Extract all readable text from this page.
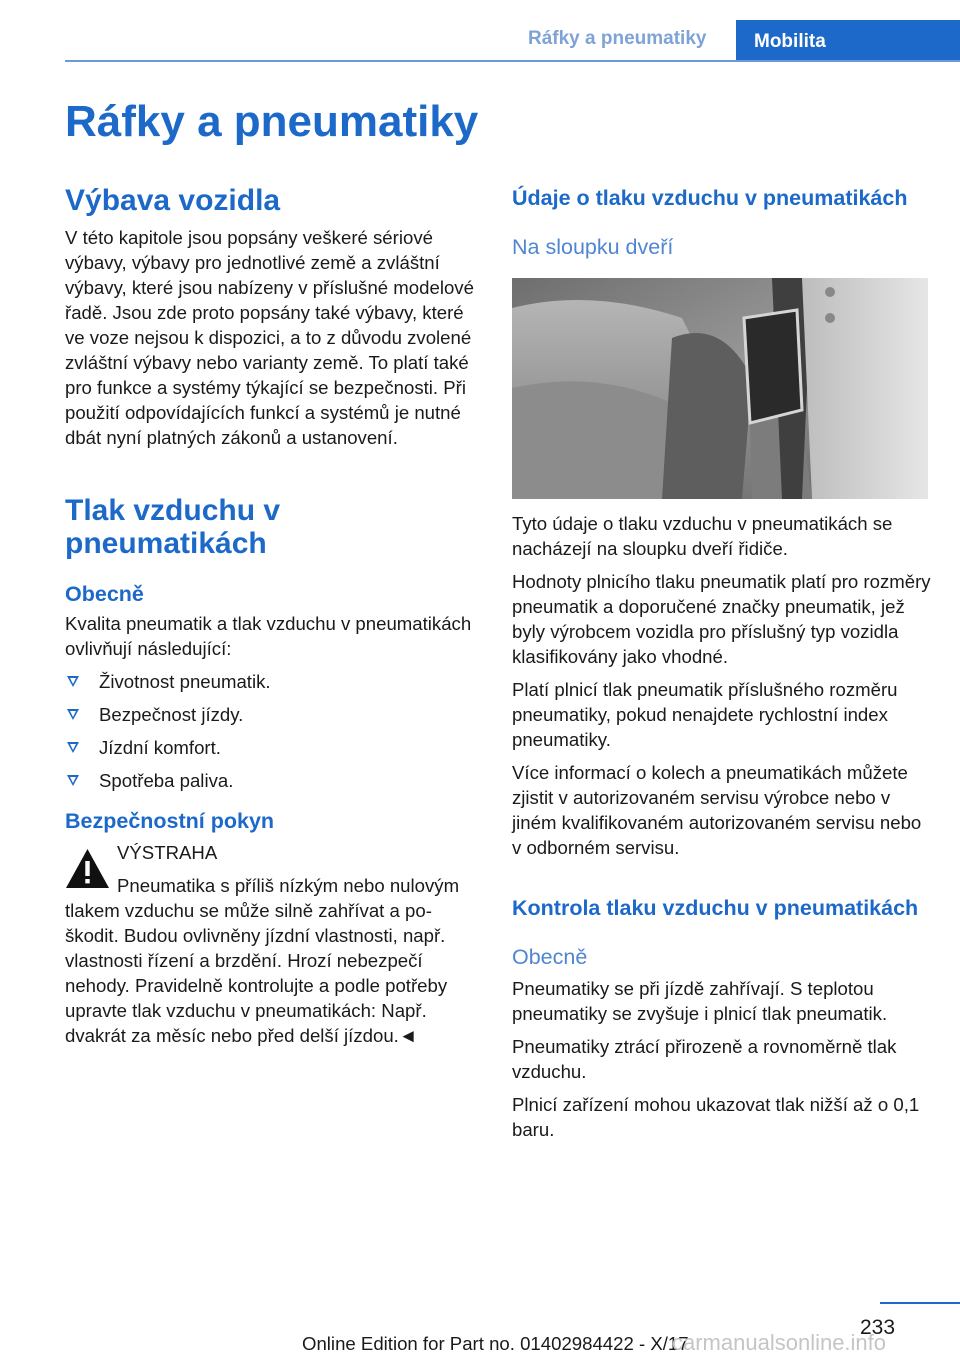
Ráfky a pneumatiky	Mobilita
Ráfky a pneumatiky
Výbava vozidla

V této kapitole jsou popsány veškeré sériové výbavy, výbavy pro jednotlivé země a zvláštní výbavy, které jsou nabízeny v příslušné modelové řadě. Jsou zde proto popsány také výbavy, které ve voze nejsou k dispozici, a to z důvodu zvolené zvláštní výbavy nebo varianty země. To platí také pro funkce a systémy týkající se bezpečnosti. Při použití odpovídajících funkcí a systémů je nutné dbát nyní platných zákonů a ustanovení.

Tlak vzduchu v pneumatikách
Obecně

Kvalita pneumatik a tlak vzduchu v pneumatikách ovlivňují následující:

Životnost pneumatik.
Bezpečnost jízdy.
Jízdní komfort.
Spotřeba paliva.
Bezpečnostní pokyn
VÝSTRAHA

Pneumatika s příliš nízkým nebo nulovým tlakem vzduchu se může silně zahřívat a poškodit. Budou ovlivněny jízdní vlastnosti, např. vlastnosti řízení a brzdění. Hrozí nebezpečí nehody. Pravidelně kontrolujte a podle potřeby upravte tlak vzduchu v pneumatikách: Např. dvakrát za měsíc nebo před delší jízdou.◄

Údaje o tlaku vzduchu v pneumatikách
Na sloupku dveří

Tyto údaje o tlaku vzduchu v pneumatikách se nacházejí na sloupku dveří řidiče.

Hodnoty plnicího tlaku pneumatik platí pro rozměry pneumatik a doporučené značky pneumatik, jež byly výrobcem vozidla pro příslušný typ vozidla klasifikovány jako vhodné.

Platí plnicí tlak pneumatik příslušného rozměru pneumatiky, pokud nenajdete rychlostní index pneumatiky.

Více informací o kolech a pneumatikách můžete zjistit v autorizovaném servisu výrobce nebo v jiném kvalifikovaném autorizovaném servisu nebo v odborném servisu.

Kontrola tlaku vzduchu v pneumatikách
Obecně

Pneumatiky se při jízdě zahřívají. S teplotou pneumatiky se zvyšuje i plnicí tlak pneumatik.

Pneumatiky ztrácí přirozeně a rovnoměrně tlak vzduchu.

Plnicí zařízení mohou ukazovat tlak nižší až o 0,1 baru.

233
Online Edition for Part no. 01402984422 - X/17
carmanualsonline.info
